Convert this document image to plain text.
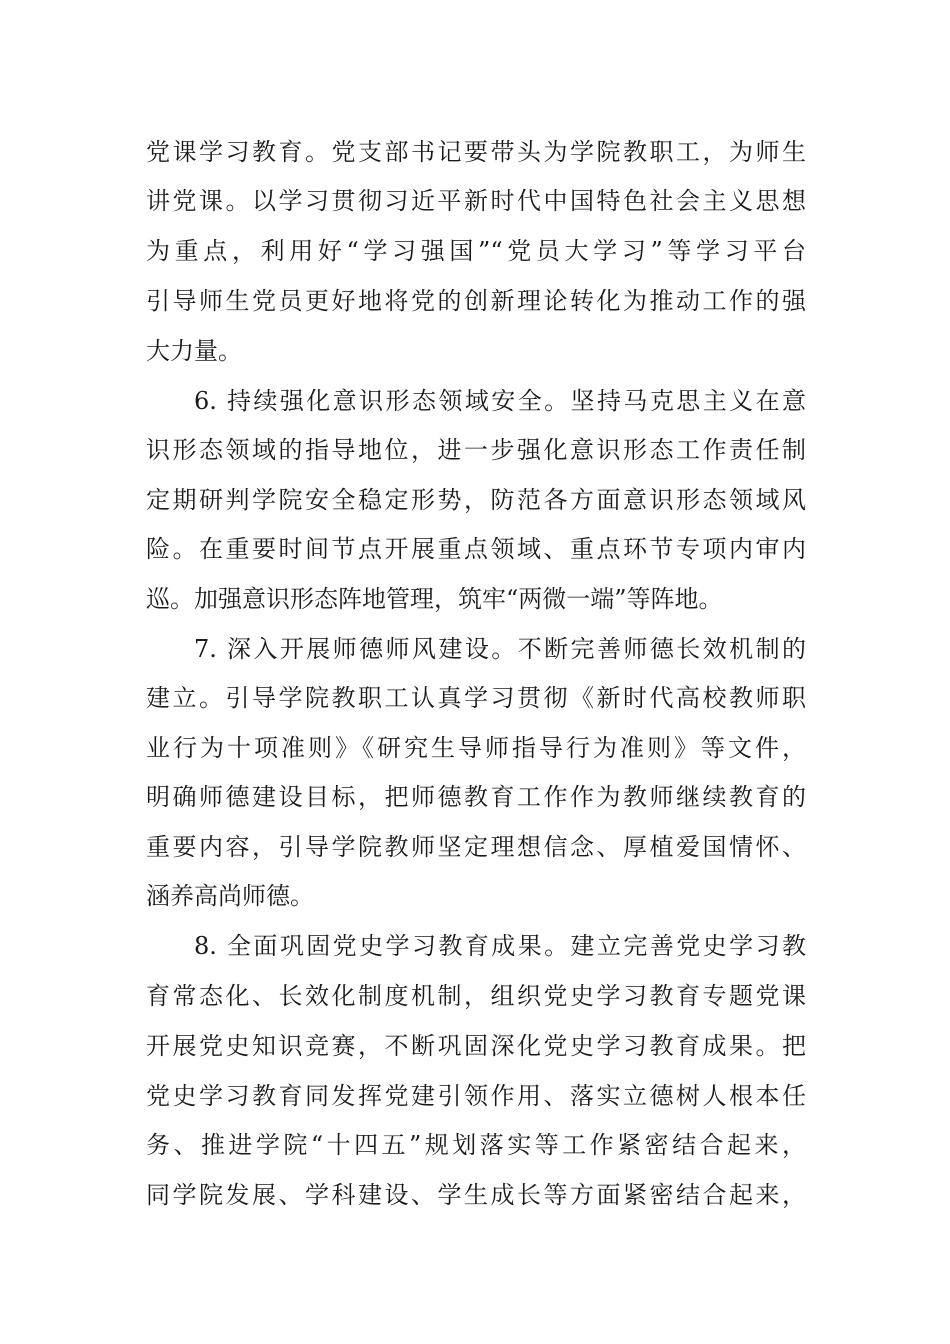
党课学习教育。党支部书记要带头为学院教职工，为师生
讲党课。以学习贯彻习近平新时代中国特色社会主义思想
为重点，利用好“学习强国”“党员大学习”等学习平台
引导师生党员更好地将党的创新理论转化为推动工作的强
大力量。
6. 持续强化意识形态领域安全。坚持马克思主义在意
识形态领域的指导地位，进一步强化意识形态工作责任制
定期研判学院安全稳定形势，防范各方面意识形态领域风
险。在重要时间节点开展重点领域、重点环节专项内审内
巡。加强意识形态阵地管理，筑牢“两微一端”等阵地。
7. 深入开展师德师风建设。不断完善师德长效机制的
建立。引导学院教职工认真学习贯彻《新时代高校教师职
业行为十项准则》《研究生导师指导行为准则》等文件，
明确师德建设目标，把师德教育工作作为教师继续教育的
重要内容，引导学院教师坚定理想信念、厚植爱国情怀、
涵养高尚师德。
8. 全面巩固党史学习教育成果。建立完善党史学习教
育常态化、长效化制度机制，组织党史学习教育专题党课
开展党史知识竞赛，不断巩固深化党史学习教育成果。把
党史学习教育同发挥党建引领作用、落实立德树人根本任
务、推进学院“十四五”规划落实等工作紧密结合起来，
同学院发展、学科建设、学生成长等方面紧密结合起来，
